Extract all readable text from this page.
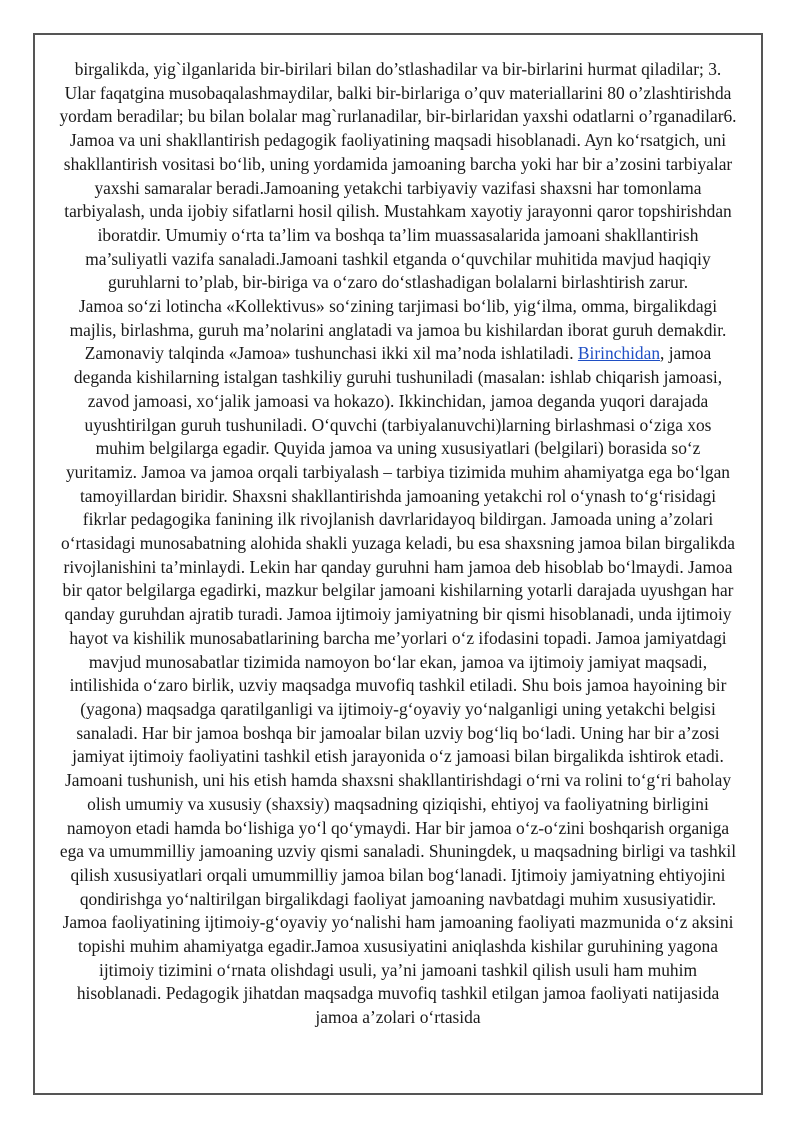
birgalikda, yig`ilganlarida bir-birilari bilan do’stlashadilar va bir-birlarini hurmat qiladilar; 3. Ular faqatgina musobaqalashmaydilar, balki bir-birlariga o’quv materiallarini 80 o’zlashtirishda yordam beradilar; bu bilan bolalar mag`rurlanadilar, bir-birlaridan yaxshi odatlarni o’rganadilar6. Jamoa va uni shakllantirish pedagogik faoliyatining maqsadi hisoblanadi. Ayn ko‘rsatgich, uni shakllantirish vositasi bo‘lib, uning yordamida jamoaning barcha yoki har bir a’zosini tarbiyalar yaxshi samaralar beradi.Jamoaning yetakchi tarbiyaviy vazifasi shaxsni har tomonlama tarbiyalash, unda ijobiy sifatlarni hosil qilish. Mustahkam xayotiy jarayonni qaror topshirishdan iboratdir. Umumiy o‘rta ta’lim va boshqa ta’lim muassasalarida jamoani shakllantirish ma’suliyatli vazifa sanaladi.Jamoani tashkil etganda o‘quvchilar muhitida mavjud haqiqiy guruhlarni to’plab, bir-biriga va o‘zaro do‘stlashadigan bolalarni birlashtirish zarur.

Jamoa so‘zi lotincha «Kollektivus» so‘zining tarjimasi bo‘lib, yig‘ilma, omma, birgalikdagi majlis, birlashma, guruh ma’nolarini anglatadi va jamoa bu kishilardan iborat guruh demakdir. Zamonaviy talqinda «Jamoa» tushunchasi ikki xil ma’noda ishlatiladi. Birinchidan, jamoa deganda kishilarning istalgan tashkiliy guruhi tushuniladi (masalan: ishlab chiqarish jamoasi, zavod jamoasi, xo‘jalik jamoasi va hokazo). Ikkinchidan, jamoa deganda yuqori darajada uyushtirilgan guruh tushuniladi. O‘quvchi (tarbiyalanuvchi)larning birlashmasi o‘ziga xos muhim belgilarga egadir. Quyida jamoa va uning xususiyatlari (belgilari) borasida so‘z yuritamiz. Jamoa va jamoa orqali tarbiyalash – tarbiya tizimida muhim ahamiyatga ega bo‘lgan tamoyillardan biridir. Shaxsni shakllantirishda jamoaning yetakchi rol o‘ynash to‘g‘risidagi fikrlar pedagogika fanining ilk rivojlanish davrlaridayoq bildirgan. Jamoada uning a’zolari o‘rtasidagi munosabatning alohida shakli yuzaga keladi, bu esa shaxsning jamoa bilan birgalikda rivojlanishini ta’minlaydi. Lekin har qanday guruhni ham jamoa deb hisoblab bo‘lmaydi. Jamoa bir qator belgilarga egadirki, mazkur belgilar jamoani kishilarning yotarli darajada uyushgan har qanday guruhdan ajratib turadi. Jamoa ijtimoiy jamiyatning bir qismi hisoblanadi, unda ijtimoiy hayot va kishilik munosabatlarining barcha me’yorlari o‘z ifodasini topadi. Jamoa jamiyatdagi mavjud munosabatlar tizimida namoyon bo‘lar ekan, jamoa va ijtimoiy jamiyat maqsadi, intilishida o‘zaro birlik, uzviy maqsadga muvofiq tashkil etiladi. Shu bois jamoa hayoining bir (yagona) maqsadga qaratilganligi va ijtimoiy-g‘oyaviy yo‘nalganligi uning yetakchi belgisi sanaladi. Har bir jamoa boshqa bir jamoalar bilan uzviy bog‘liq bo‘ladi. Uning har bir a’zosi jamiyat ijtimoiy faoliyatini tashkil etish jarayonida o‘z jamoasi bilan birgalikda ishtirok etadi. Jamoani tushunish, uni his etish hamda shaxsni shakllantirishdagi o‘rni va rolini to‘g‘ri baholay olish umumiy va xususiy (shaxsiy) maqsadning qiziqishi, ehtiyoj va faoliyatning birligini namoyon etadi hamda bo‘lishiga yo‘l qo‘ymaydi. Har bir jamoa o‘z-o‘zini boshqarish organiga ega va umummilliy jamoaning uzviy qismi sanaladi. Shuningdek, u maqsadning birligi va tashkil qilish xususiyatlari orqali umummilliy jamoa bilan bog‘lanadi. Ijtimoiy jamiyatning ehtiyojini qondirishga yo‘naltirilgan birgalikdagi faoliyat jamoaning navbatdagi muhim xususiyatidir. Jamoa faoliyatining ijtimoiy-g‘oyaviy yo‘nalishi ham jamoaning faoliyati mazmunida o‘z aksini topishi muhim ahamiyatga egadir.Jamoa xususiyatini aniqlashda kishilar guruhining yagona ijtimoiy tizimini o‘rnata olishdagi usuli, ya’ni jamoani tashkil qilish usuli ham muhim hisoblanadi. Pedagogik jihatdan maqsadga muvofiq tashkil etilgan jamoa faoliyati natijasida jamoa a’zolari o‘rtasida
